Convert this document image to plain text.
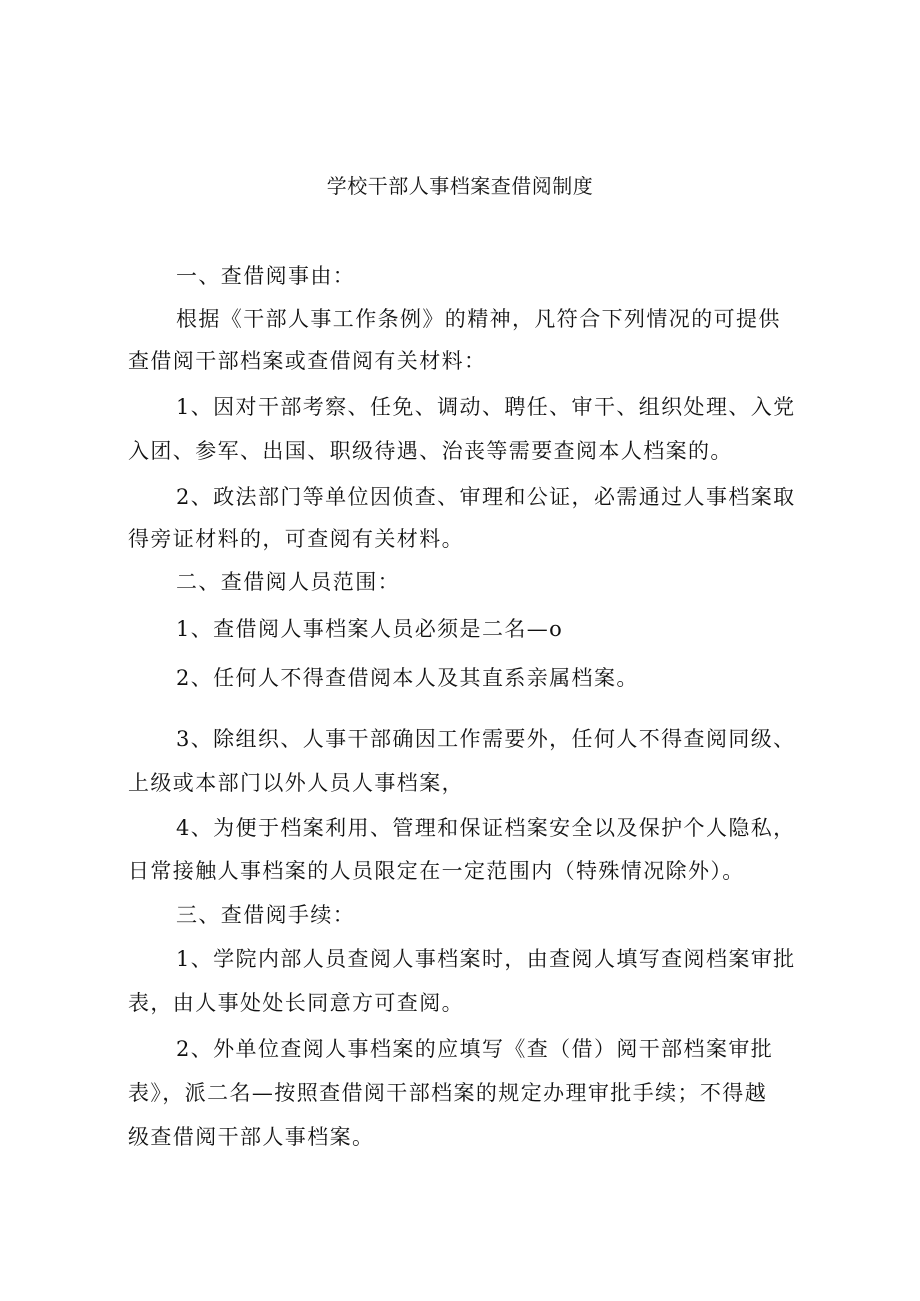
学校干部人事档案查借阅制度
一、查借阅事由：
根据《干部人事工作条例》的精神，凡符合下列情况的可提供
查借阅干部档案或查借阅有关材料：
1、因对干部考察、任免、调动、聘任、审干、组织处理、入党
入团、参军、出国、职级待遇、治丧等需要查阅本人档案的。
2、政法部门等单位因侦查、审理和公证，必需通过人事档案取
得旁证材料的，可查阅有关材料。
二、查借阅人员范围：
1、查借阅人事档案人员必须是二名—o
2、任何人不得查借阅本人及其直系亲属档案。
3、除组织、人事干部确因工作需要外，任何人不得查阅同级、
上级或本部门以外人员人事档案，
4、为便于档案利用、管理和保证档案安全以及保护个人隐私，
日常接触人事档案的人员限定在一定范围内（特殊情况除外）。
三、查借阅手续：
1、学院内部人员查阅人事档案时，由查阅人填写查阅档案审批
表，由人事处处长同意方可查阅。
2、外单位查阅人事档案的应填写《查（借）阅干部档案审批
表》，派二名—按照查借阅干部档案的规定办理审批手续；不得越
级查借阅干部人事档案。
